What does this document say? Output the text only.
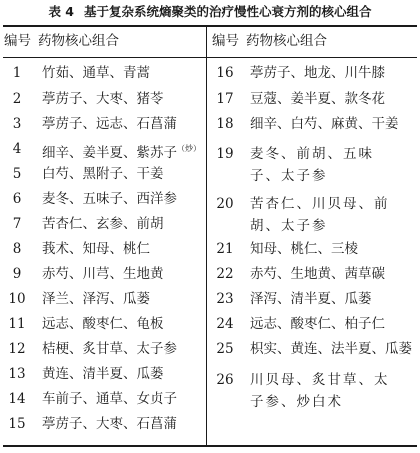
表 4 基于复杂系统熵聚类的治疗慢性心衰方剂的核心组合
编号 药物核心组合	编号 药物核心组合
1	竹茹、通草、青蒿
2	葶苈子、大枣、猪苓
3	葶苈子、远志、石菖蒲
4	细辛、姜半夏、紫苏子$^{(炒)}$
5	白芍、黑附子、干姜
6	麦冬、五味子、西洋参
7	苦杏仁、玄参、前胡
8	莪术、知母、桃仁
9	赤芍、川芎、生地黄
10	泽兰、泽泻、瓜蒌
11	远志、酸枣仁、龟板
12	桔梗、炙甘草、太子参
13	黄连、清半夏、瓜蒌
14	车前子、通草、女贞子
15	葶苈子、大枣、石菖蒲
16	葶苈子、地龙、川牛膝
17	豆蔻、姜半夏、款冬花
18	细辛、白芍、麻黄、干姜
19	麦冬、前胡、五味子、太子参
20	苦杏仁、川贝母、前胡、太子参
21	知母、桃仁、三棱
22	赤芍、生地黄、茜草碳
23	泽泻、清半夏、瓜蒌
24	远志、酸枣仁、柏子仁
25	枳实、黄连、法半夏、瓜蒌
26	川贝母、炙甘草、太子参、炒白术
